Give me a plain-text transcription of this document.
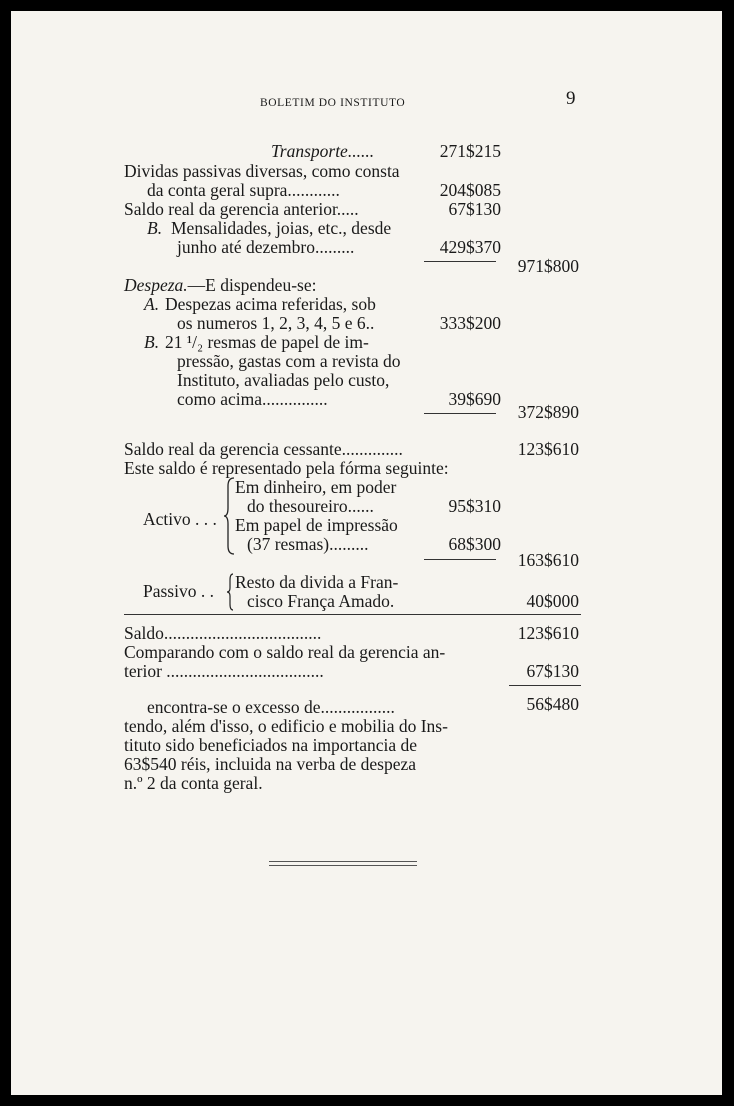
BOLETIM DO INSTITUTO	9
Transporte......	271$215
Dividas passivas diversas, como consta
da conta geral supra............	204$085
Saldo real da gerencia anterior.....	67$130
B. Mensalidades, joias, etc., desde
junho até dezembro.........	429$370
971$800
Despeza.—E dispendeu-se:
A. Despezas acima referidas, sob
os numeros 1, 2, 3, 4, 5 e 6..	333$200
B. 21 ¹/₂ resmas de papel de im-
pressão, gastas com a revista do
Instituto, avaliadas pelo custo,
como acima...............	39$690
372$890
Saldo real da gerencia cessante..............	123$610
Este saldo é representado pela fórma seguinte:
Activo . . .
Em dinheiro, em poder
do thesoureiro......	95$310
Em papel de impressão
(37 resmas).........	68$300
163$610
Passivo . . Resto da divida a Fran-
cisco França Amado.	40$000
Saldo....................................	123$610
Comparando com o saldo real da gerencia an-
terior ....................................	67$130
encontra-se o excesso de.................	56$480
tendo, além d'isso, o edificio e mobilia do Ins-
tituto sido beneficiados na importancia de
63$540 réis, incluida na verba de despeza
n.º 2 da conta geral.
